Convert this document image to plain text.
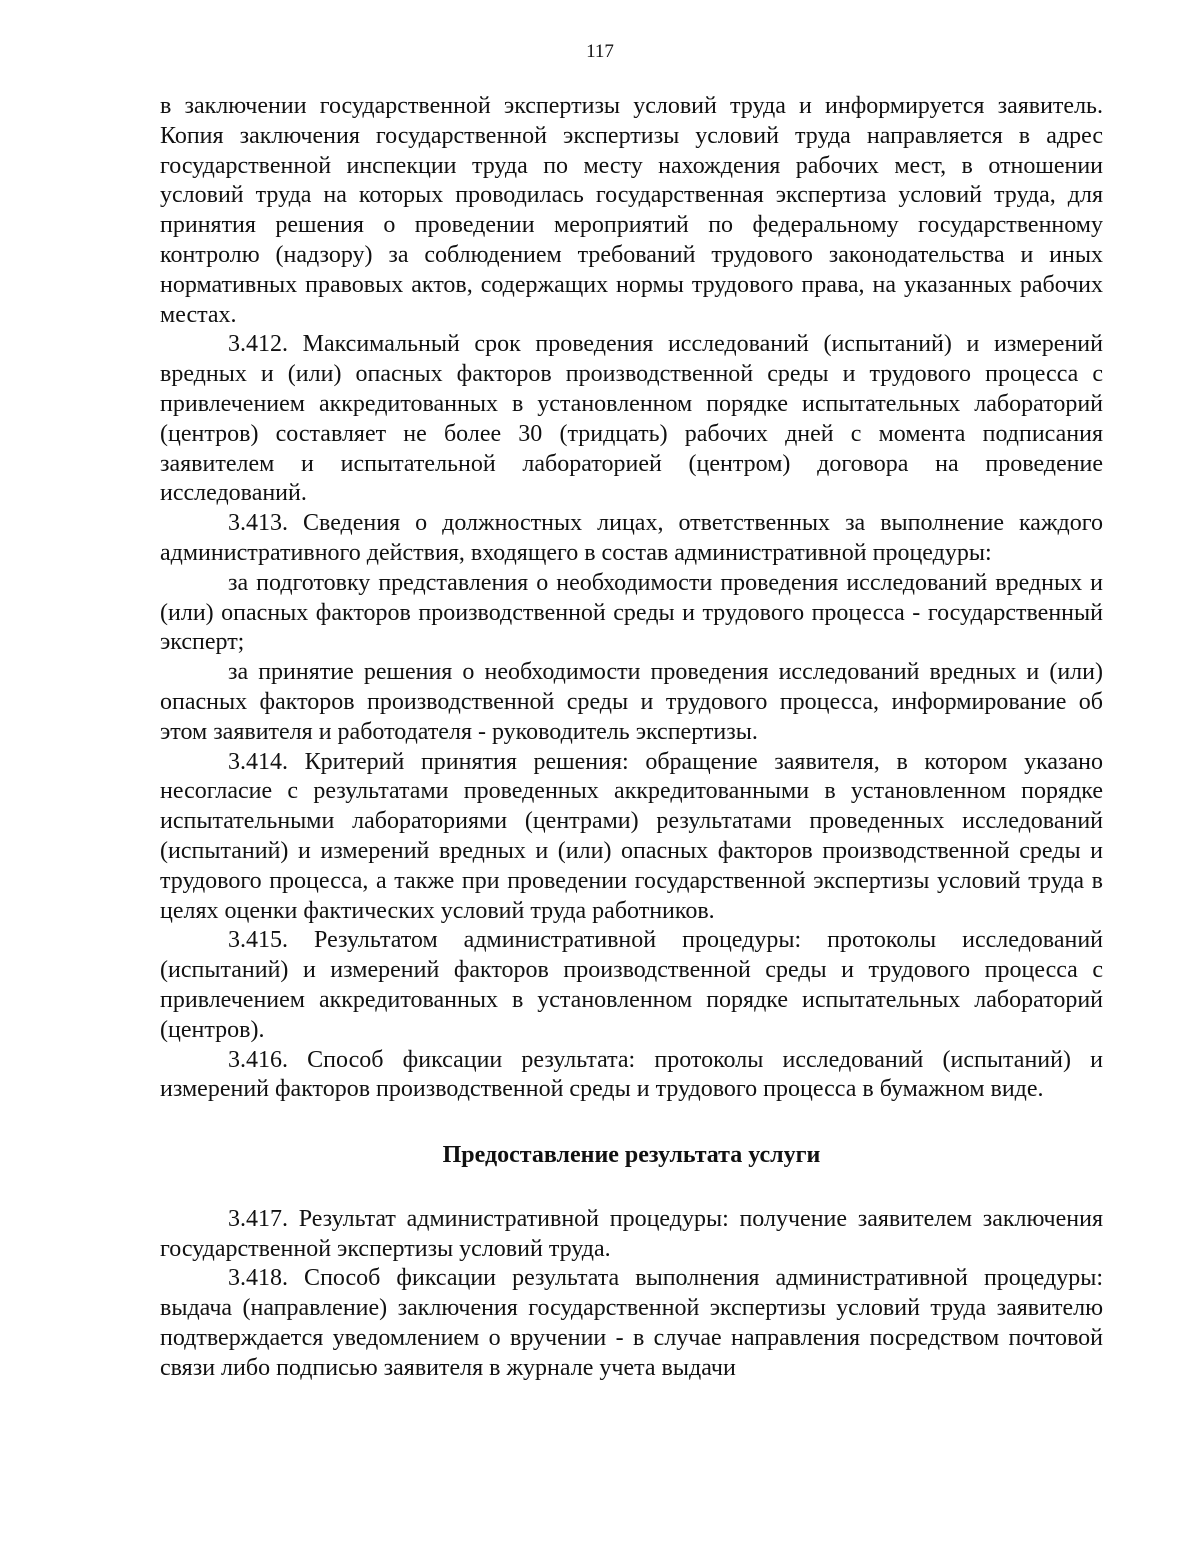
117

в заключении государственной экспертизы условий труда и информируется заявитель. Копия заключения государственной экспертизы условий труда направляется в адрес государственной инспекции труда по месту нахождения рабочих мест, в отношении условий труда на которых проводилась государственная экспертиза условий труда, для принятия решения о проведении мероприятий по федеральному государственному контролю (надзору) за соблюдением требований трудового законодательства и иных нормативных правовых актов, содержащих нормы трудового права, на указанных рабочих местах.

3.412. Максимальный срок проведения исследований (испытаний) и измерений вредных и (или) опасных факторов производственной среды и трудового процесса с привлечением аккредитованных в установленном порядке испытательных лабораторий (центров) составляет не более 30 (тридцать) рабочих дней с момента подписания заявителем и испытательной лабораторией (центром) договора на проведение исследований.

3.413. Сведения о должностных лицах, ответственных за выполнение каждого административного действия, входящего в состав административной процедуры:

за подготовку представления о необходимости проведения исследований вредных и (или) опасных факторов производственной среды и трудового процесса - государственный эксперт;

за принятие решения о необходимости проведения исследований вредных и (или) опасных факторов производственной среды и трудового процесса, информирование об этом заявителя и работодателя - руководитель экспертизы.

3.414. Критерий принятия решения: обращение заявителя, в котором указано несогласие с результатами проведенных аккредитованными в установленном порядке испытательными лабораториями (центрами) результатами проведенных исследований (испытаний) и измерений вредных и (или) опасных факторов производственной среды и трудового процесса, а также при проведении государственной экспертизы условий труда в целях оценки фактических условий труда работников.

3.415. Результатом административной процедуры: протоколы исследований (испытаний) и измерений факторов производственной среды и трудового процесса с привлечением аккредитованных в установленном порядке испытательных лабораторий (центров).

3.416. Способ фиксации результата: протоколы исследований (испытаний) и измерений факторов производственной среды и трудового процесса в бумажном виде.

Предоставление результата услуги

3.417. Результат административной процедуры: получение заявителем заключения государственной экспертизы условий труда.

3.418. Способ фиксации результата выполнения административной процедуры: выдача (направление) заключения государственной экспертизы условий труда заявителю подтверждается уведомлением о вручении - в случае направления посредством почтовой связи либо подписью заявителя в журнале учета выдачи
